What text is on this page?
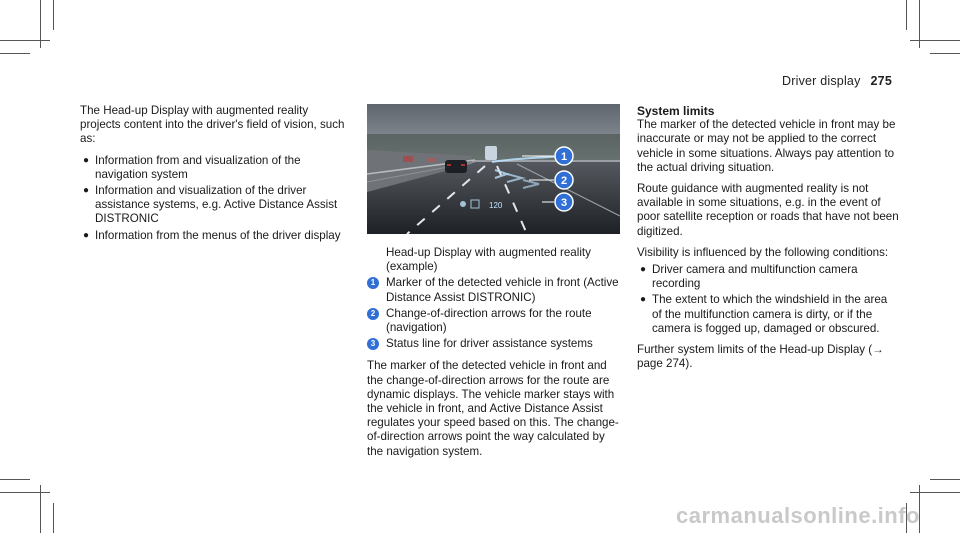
Driver display 275

The Head-up Display with augmented reality projects content into the driver's field of vision, such as:

● Information from and visualization of the navigation system
● Information and visualization of the driver assistance systems, e.g. Active Distance Assist DISTRONIC
● Information from the menus of the driver display
120
1
2
3

Head-up Display with augmented reality (example)

1 Marker of the detected vehicle in front (Active Distance Assist DISTRONIC)
2 Change-of-direction arrows for the route (navigation)
3 Status line for driver assistance systems

The marker of the detected vehicle in front and the change-of-direction arrows for the route are dynamic displays. The vehicle marker stays with the vehicle in front, and Active Distance Assist regulates your speed based on this. The change-of-direction arrows point the way calculated by the navigation system.

System limits

The marker of the detected vehicle in front may be inaccurate or may not be applied to the correct vehicle in some situations. Always pay attention to the actual driving situation.

Route guidance with augmented reality is not available in some situations, e.g. in the event of poor satellite reception or roads that have not been digitized.

Visibility is influenced by the following conditions:

● Driver camera and multifunction camera recording
● The extent to which the windshield in the area of the multifunction camera is dirty, or if the camera is fogged up, damaged or obscured.

Further system limits of the Head-up Display (→ page 274).

carmanualsonline.info
